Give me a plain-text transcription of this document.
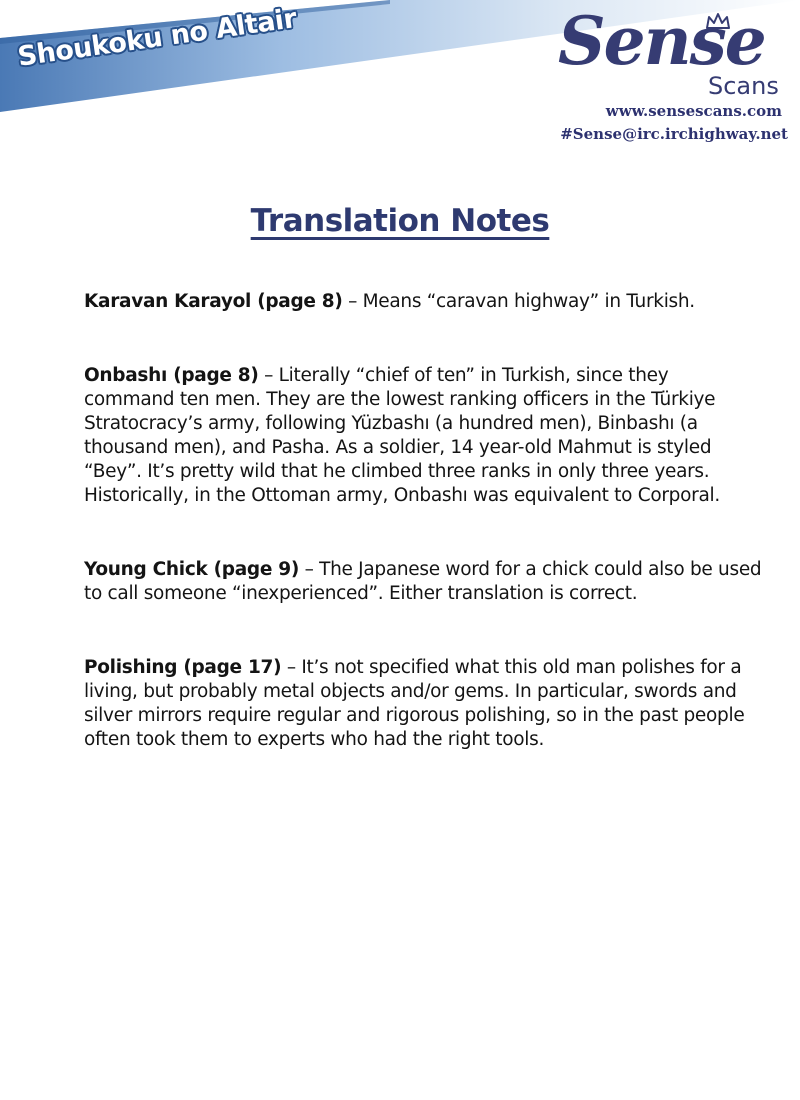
Shoukoku no Altair	Sense
Scans
www.sensescans.com
#Sense@irc.irchighway.net
Translation Notes

Karavan Karayol (page 8) – Means “caravan highway” in Turkish.

Onbashı (page 8) – Literally “chief of ten” in Turkish, since they command ten men. They are the lowest ranking officers in the Türkiye Stratocracy’s army, following Yüzbashı (a hundred men), Binbashı (a thousand men), and Pasha. As a soldier, 14 year-old Mahmut is styled “Bey”. It’s pretty wild that he climbed three ranks in only three years. Historically, in the Ottoman army, Onbashı was equivalent to Corporal.

Young Chick (page 9) – The Japanese word for a chick could also be used to call someone “inexperienced”. Either translation is correct.

Polishing (page 17) – It’s not specified what this old man polishes for a living, but probably metal objects and/or gems. In particular, swords and silver mirrors require regular and rigorous polishing, so in the past people often took them to experts who had the right tools.
